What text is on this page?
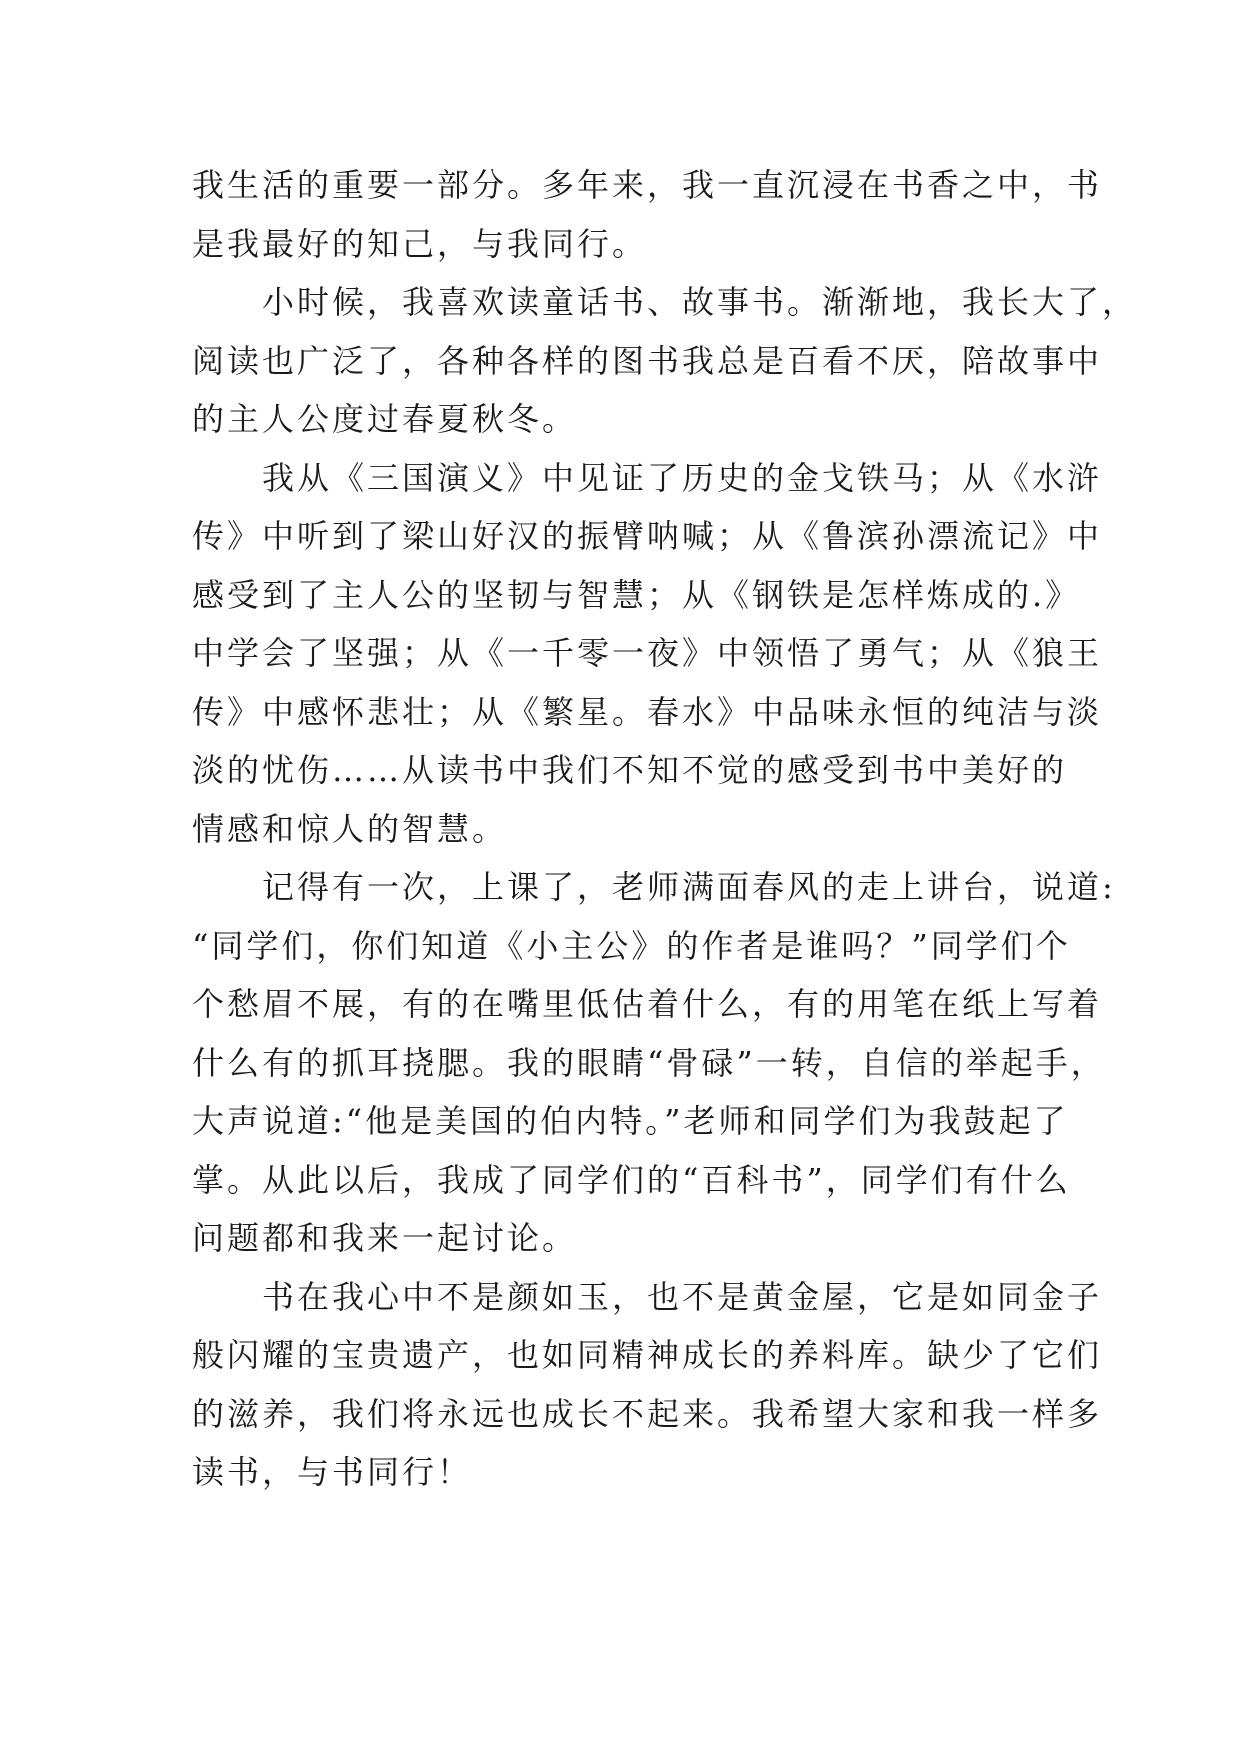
我生活的重要一部分。多年来，我一直沉浸在书香之中，书
是我最好的知己，与我同行。
　　小时候，我喜欢读童话书、故事书。渐渐地，我长大了，
阅读也广泛了，各种各样的图书我总是百看不厌，陪故事中
的主人公度过春夏秋冬。
　　我从《三国演义》中见证了历史的金戈铁马；从《水浒
传》中听到了梁山好汉的振臂呐喊；从《鲁滨孙漂流记》中
感受到了主人公的坚韧与智慧；从《钢铁是怎样炼成的.》
中学会了坚强；从《一千零一夜》中领悟了勇气；从《狼王
传》中感怀悲壮；从《繁星。春水》中品味永恒的纯洁与淡
淡的忧伤……从读书中我们不知不觉的感受到书中美好的
情感和惊人的智慧。
　　记得有一次，上课了，老师满面春风的走上讲台，说道:
“同学们，你们知道《小主公》的作者是谁吗？”同学们个
个愁眉不展，有的在嘴里低估着什么，有的用笔在纸上写着
什么有的抓耳挠腮。我的眼睛“骨碌”一转，自信的举起手，
大声说道:“他是美国的伯内特。”老师和同学们为我鼓起了
掌。从此以后，我成了同学们的“百科书”，同学们有什么
问题都和我来一起讨论。
　　书在我心中不是颜如玉，也不是黄金屋，它是如同金子
般闪耀的宝贵遗产，也如同精神成长的养料库。缺少了它们
的滋养，我们将永远也成长不起来。我希望大家和我一样多
读书，与书同行！
